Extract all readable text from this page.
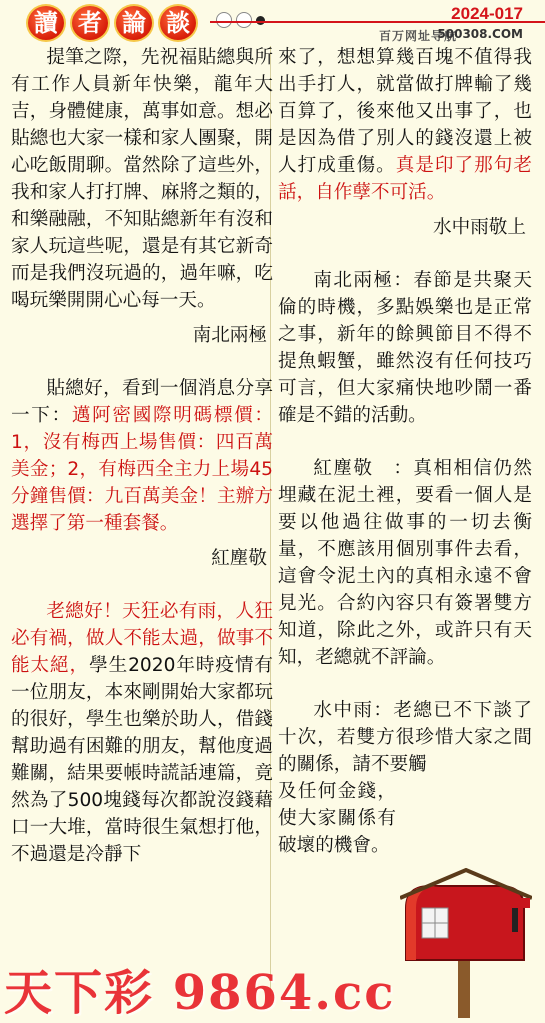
讀 者 論 談	2024-017
百万网址导航
500308.COM

提筆之際，先祝福貼總與所有工作人員新年快樂，龍年大吉，身體健康，萬事如意。想必貼總也大家一樣和家人團聚，開心吃飯閒聊。當然除了這些外，我和家人打打牌、麻將之類的，和樂融融，不知貼總新年有沒和家人玩這些呢，還是有其它新奇而是我們沒玩過的，過年嘛，吃喝玩樂開開心心每一天。

南北兩極

貼總好，看到一個消息分享一下：邁阿密國際明碼標價：1，沒有梅西上場售價：四百萬美金；2，有梅西全主力上場45分鐘售價：九百萬美金！主辦方選擇了第一種套餐。

紅塵敬

老總好！天狂必有雨，人狂必有禍，做人不能太過，做事不能太絕，學生2020年時疫情有一位朋友，本來剛開始大家都玩的很好，學生也樂於助人，借錢幫助過有困難的朋友，幫他度過難關，結果要帳時謊話連篇，竟然為了500塊錢每次都說沒錢藉口一大堆，當時很生氣想打他，不過還是冷靜下

來了，想想算幾百塊不值得我出手打人，就當做打牌輸了幾百算了，後來他又出事了，也是因為借了別人的錢沒還上被人打成重傷。真是印了那句老話，自作孽不可活。

水中雨敬上

南北兩極：春節是共聚天倫的時機，多點娛樂也是正常之事，新年的餘興節目不得不提魚蝦蟹，雖然沒有任何技巧可言，但大家痛快地吵鬧一番確是不錯的活動。

紅塵敬　：真相相信仍然埋藏在泥土裡，要看一個人是要以他過往做事的一切去衡量，不應該用個別事件去看，這會令泥土內的真相永遠不會見光。合約內容只有簽署雙方知道，除此之外，或許只有天知，老總就不評論。

水中雨：老總已不下談了十次，若雙方很珍惜大家之間的關係，請不要觸

及任何金錢，使大家關係有破壞的機會。

天下彩 9864.cc
